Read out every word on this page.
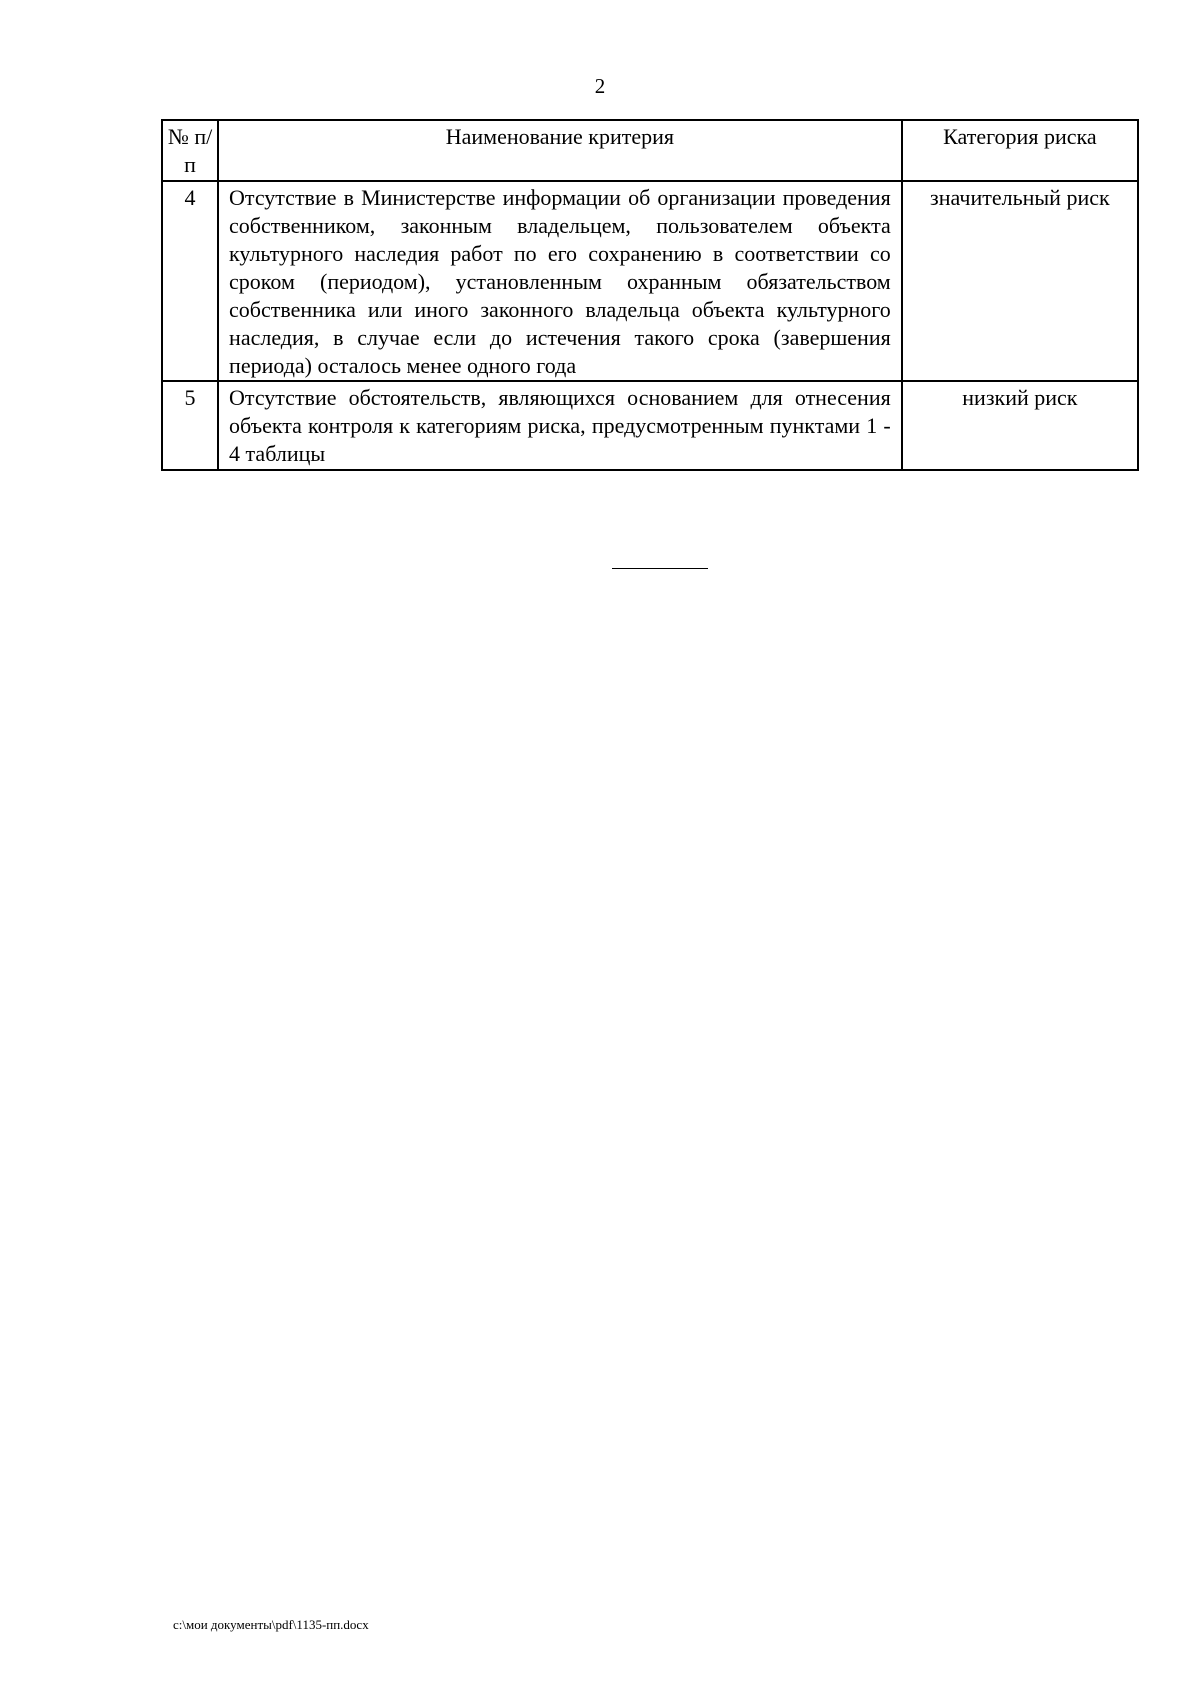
2
№ п/п	Наименование критерия	Категория риска
4	Отсутствие в Министерстве информации об организации проведения собственником, законным владельцем, пользователем объекта культурного наследия работ по его сохранению в соответствии со сроком (периодом), установленным охранным обязательством собственника или иного законного владельца объекта культурного наследия, в случае если до истечения такого срока (завершения периода) осталось менее одного года	значительный риск
5	Отсутствие обстоятельств, являющихся основанием для отнесения объекта контроля к категориям риска, предусмотренным пунктами 1 - 4 таблицы	низкий риск
c:\мои документы\pdf\1135-пп.docx
